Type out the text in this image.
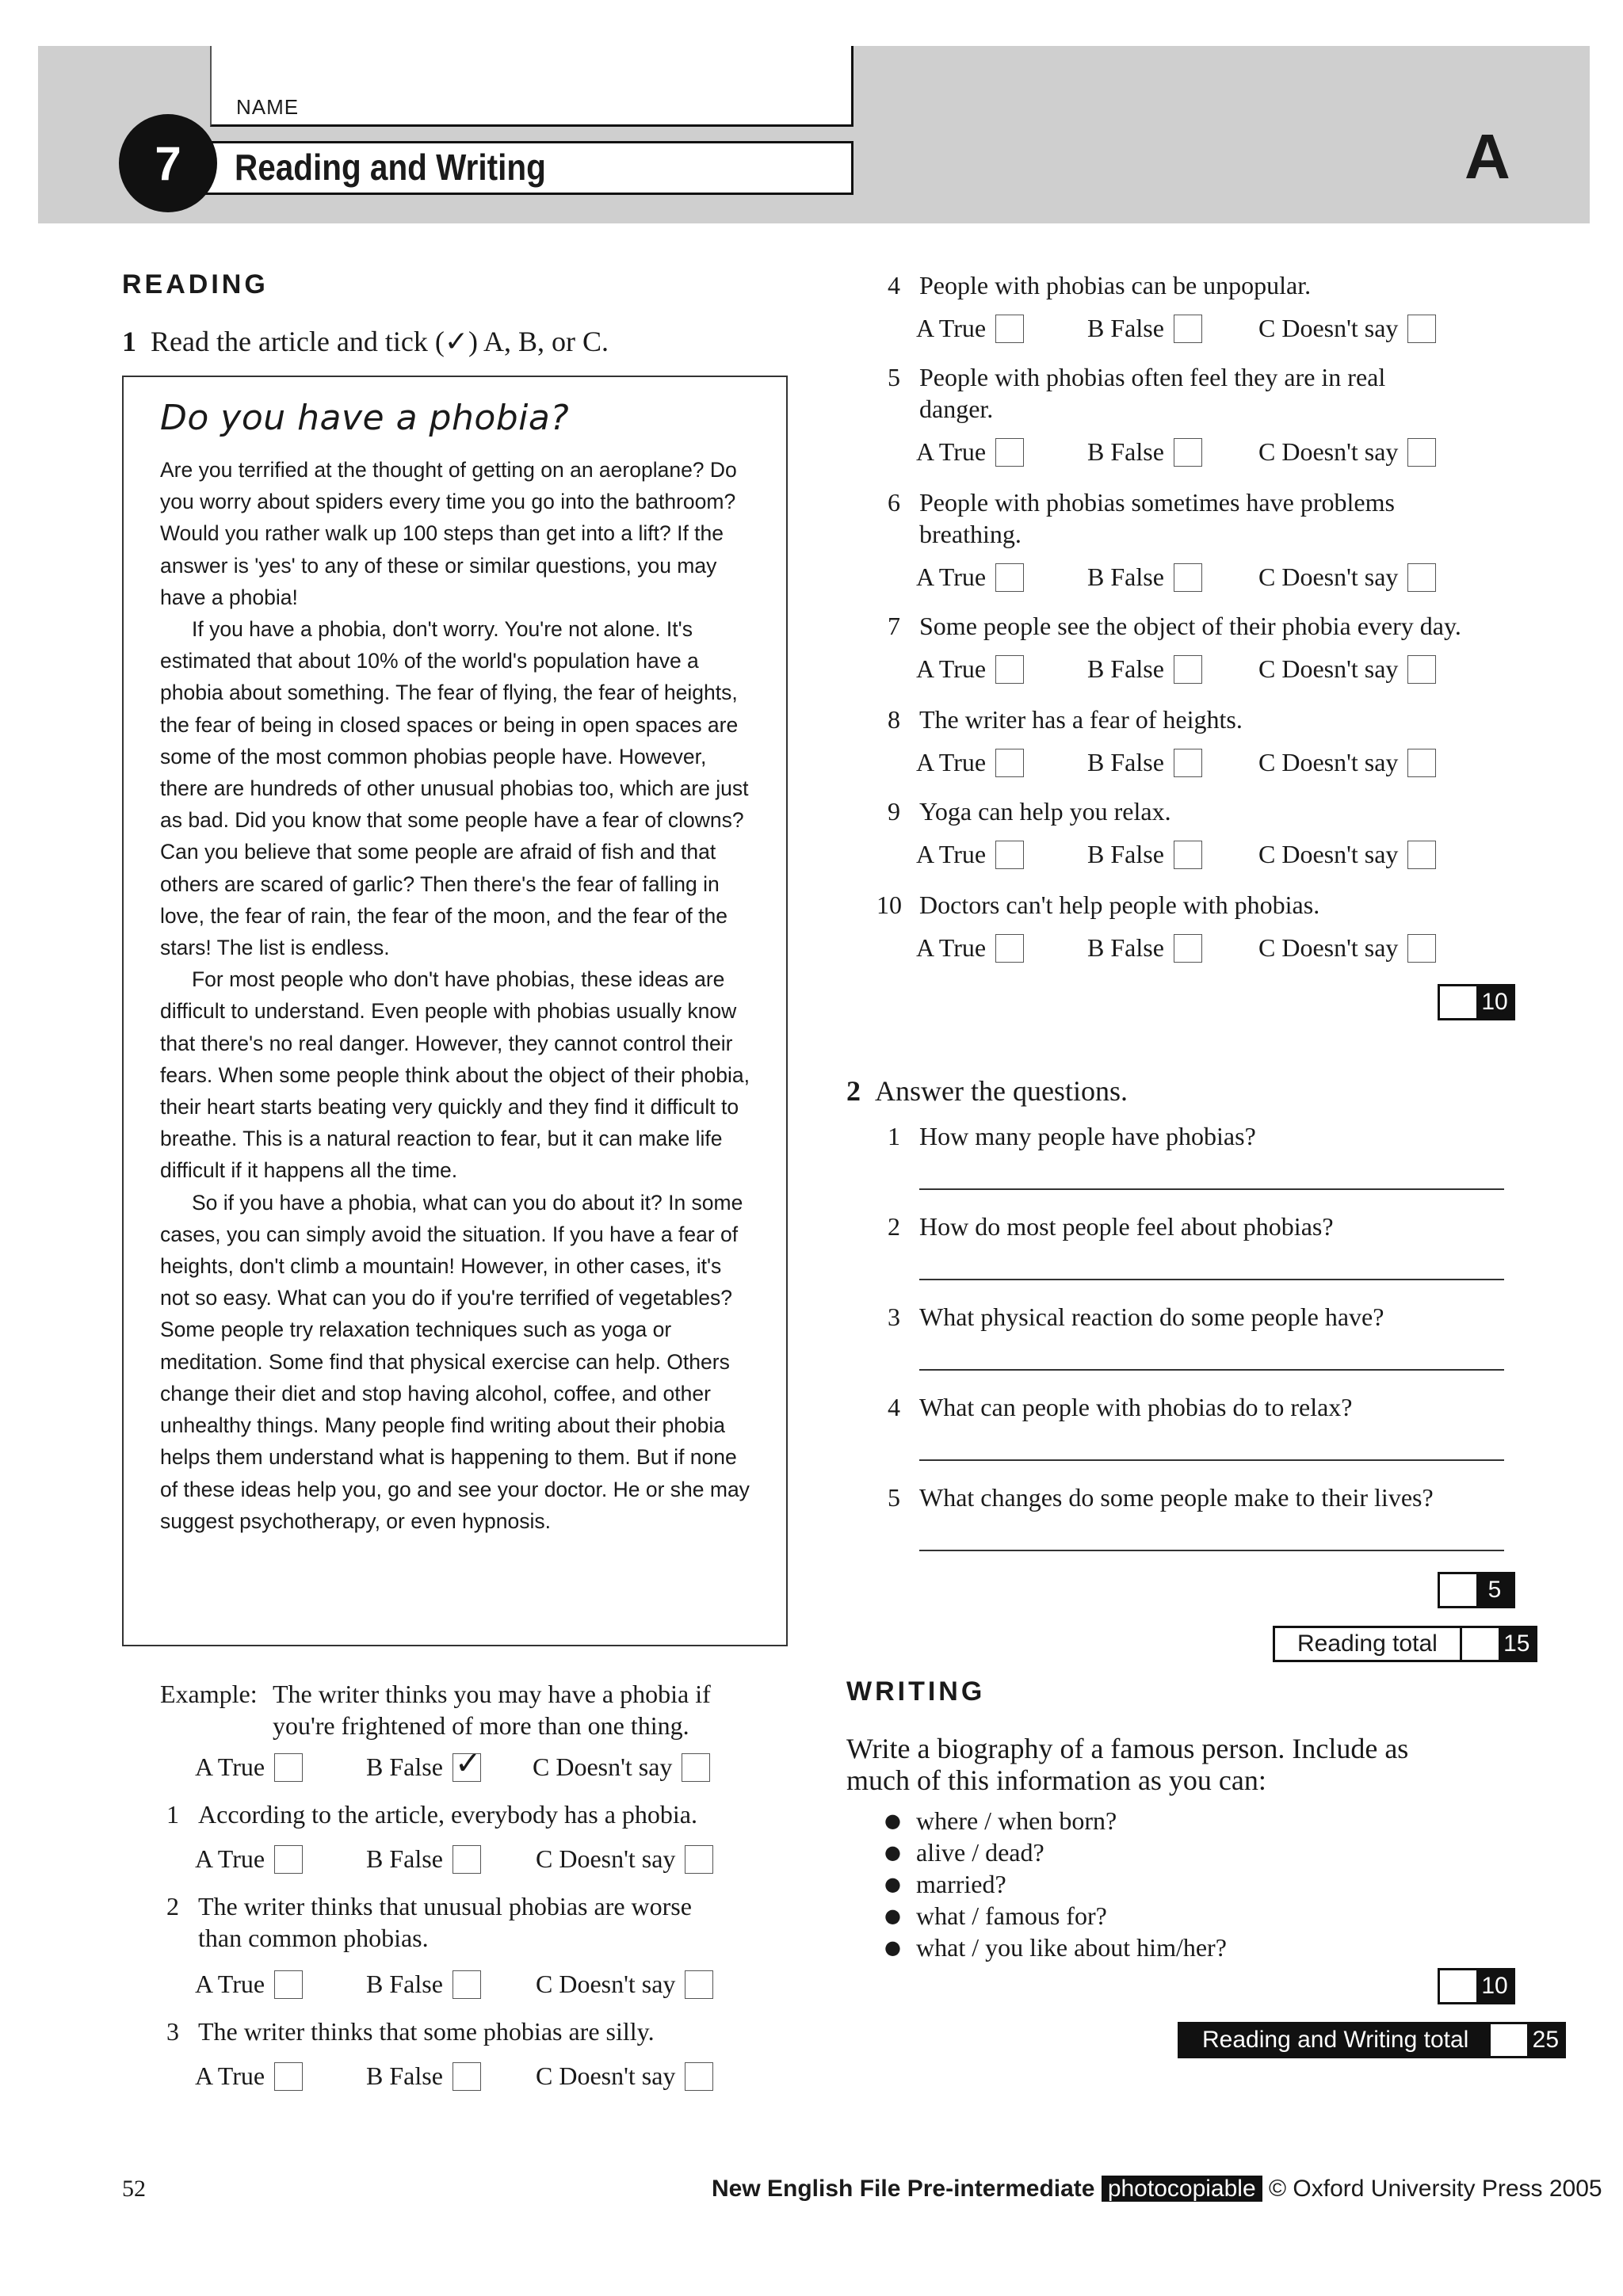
NAME
7	Reading and Writing	A
READING
1 Read the article and tick (✓) A, B, or C.
Do you have a phobia?

Are you terrified at the thought of getting on an aeroplane? Do you worry about spiders every time you go into the bathroom? Would you rather walk up 100 steps than get into a lift? If the answer is 'yes' to any of these or similar questions, you may have a phobia!

If you have a phobia, don't worry. You're not alone. It's estimated that about 10% of the world's population have a phobia about something. The fear of flying, the fear of heights, the fear of being in closed spaces or being in open spaces are some of the most common phobias people have. However, there are hundreds of other unusual phobias too, which are just as bad. Did you know that some people have a fear of clowns? Can you believe that some people are afraid of fish and that others are scared of garlic? Then there's the fear of falling in love, the fear of rain, the fear of the moon, and the fear of the stars! The list is endless.

For most people who don't have phobias, these ideas are difficult to understand. Even people with phobias usually know that there's no real danger. However, they cannot control their fears. When some people think about the object of their phobia, their heart starts beating very quickly and they find it difficult to breathe. This is a natural reaction to fear, but it can make life difficult if it happens all the time.

So if you have a phobia, what can you do about it? In some cases, you can simply avoid the situation. If you have a fear of heights, don't climb a mountain! However, in other cases, it's not so easy. What can you do if you're terrified of vegetables? Some people try relaxation techniques such as yoga or meditation. Some find that physical exercise can help. Others change their diet and stop having alcohol, coffee, and other unhealthy things. Many people find writing about their phobia helps them understand what is happening to them. But if none of these ideas help you, go and see your doctor. He or she may suggest psychotherapy, or even hypnosis.

Example: The writer thinks you may have a phobia if
you're frightened of more than one thing.
A True	B False ✓ C Doesn't say
1 According to the article, everybody has a phobia.
A True	B False	C Doesn't say
2 The writer thinks that unusual phobias are worse
than common phobias.
A True	B False	C Doesn't say
3 The writer thinks that some phobias are silly.
A True	B False	C Doesn't say
4 People with phobias can be unpopular.
A True	B False	C Doesn't say
5 People with phobias often feel they are in real
danger.
A True	B False	C Doesn't say
6 People with phobias sometimes have problems
breathing.
A True	B False	C Doesn't say
7 Some people see the object of their phobia every day.
A True	B False	C Doesn't say
8 The writer has a fear of heights.
A True	B False	C Doesn't say
9 Yoga can help you relax.
A True	B False	C Doesn't say
10 Doctors can't help people with phobias.
A True	B False	C Doesn't say
10
2 Answer the questions.
1 How many people have phobias?
2 How do most people feel about phobias?
3 What physical reaction do some people have?
4 What can people with phobias do to relax?
5 What changes do some people make to their lives?
5
Reading total	15
WRITING
Write a biography of a famous person. Include as
much of this information as you can:
● where / when born?
● alive / dead?
● married?
● what / famous for?
● what / you like about him/her?
10
Reading and Writing total	25
52	New English File Pre-intermediate photocopiable © Oxford University Press 2005
